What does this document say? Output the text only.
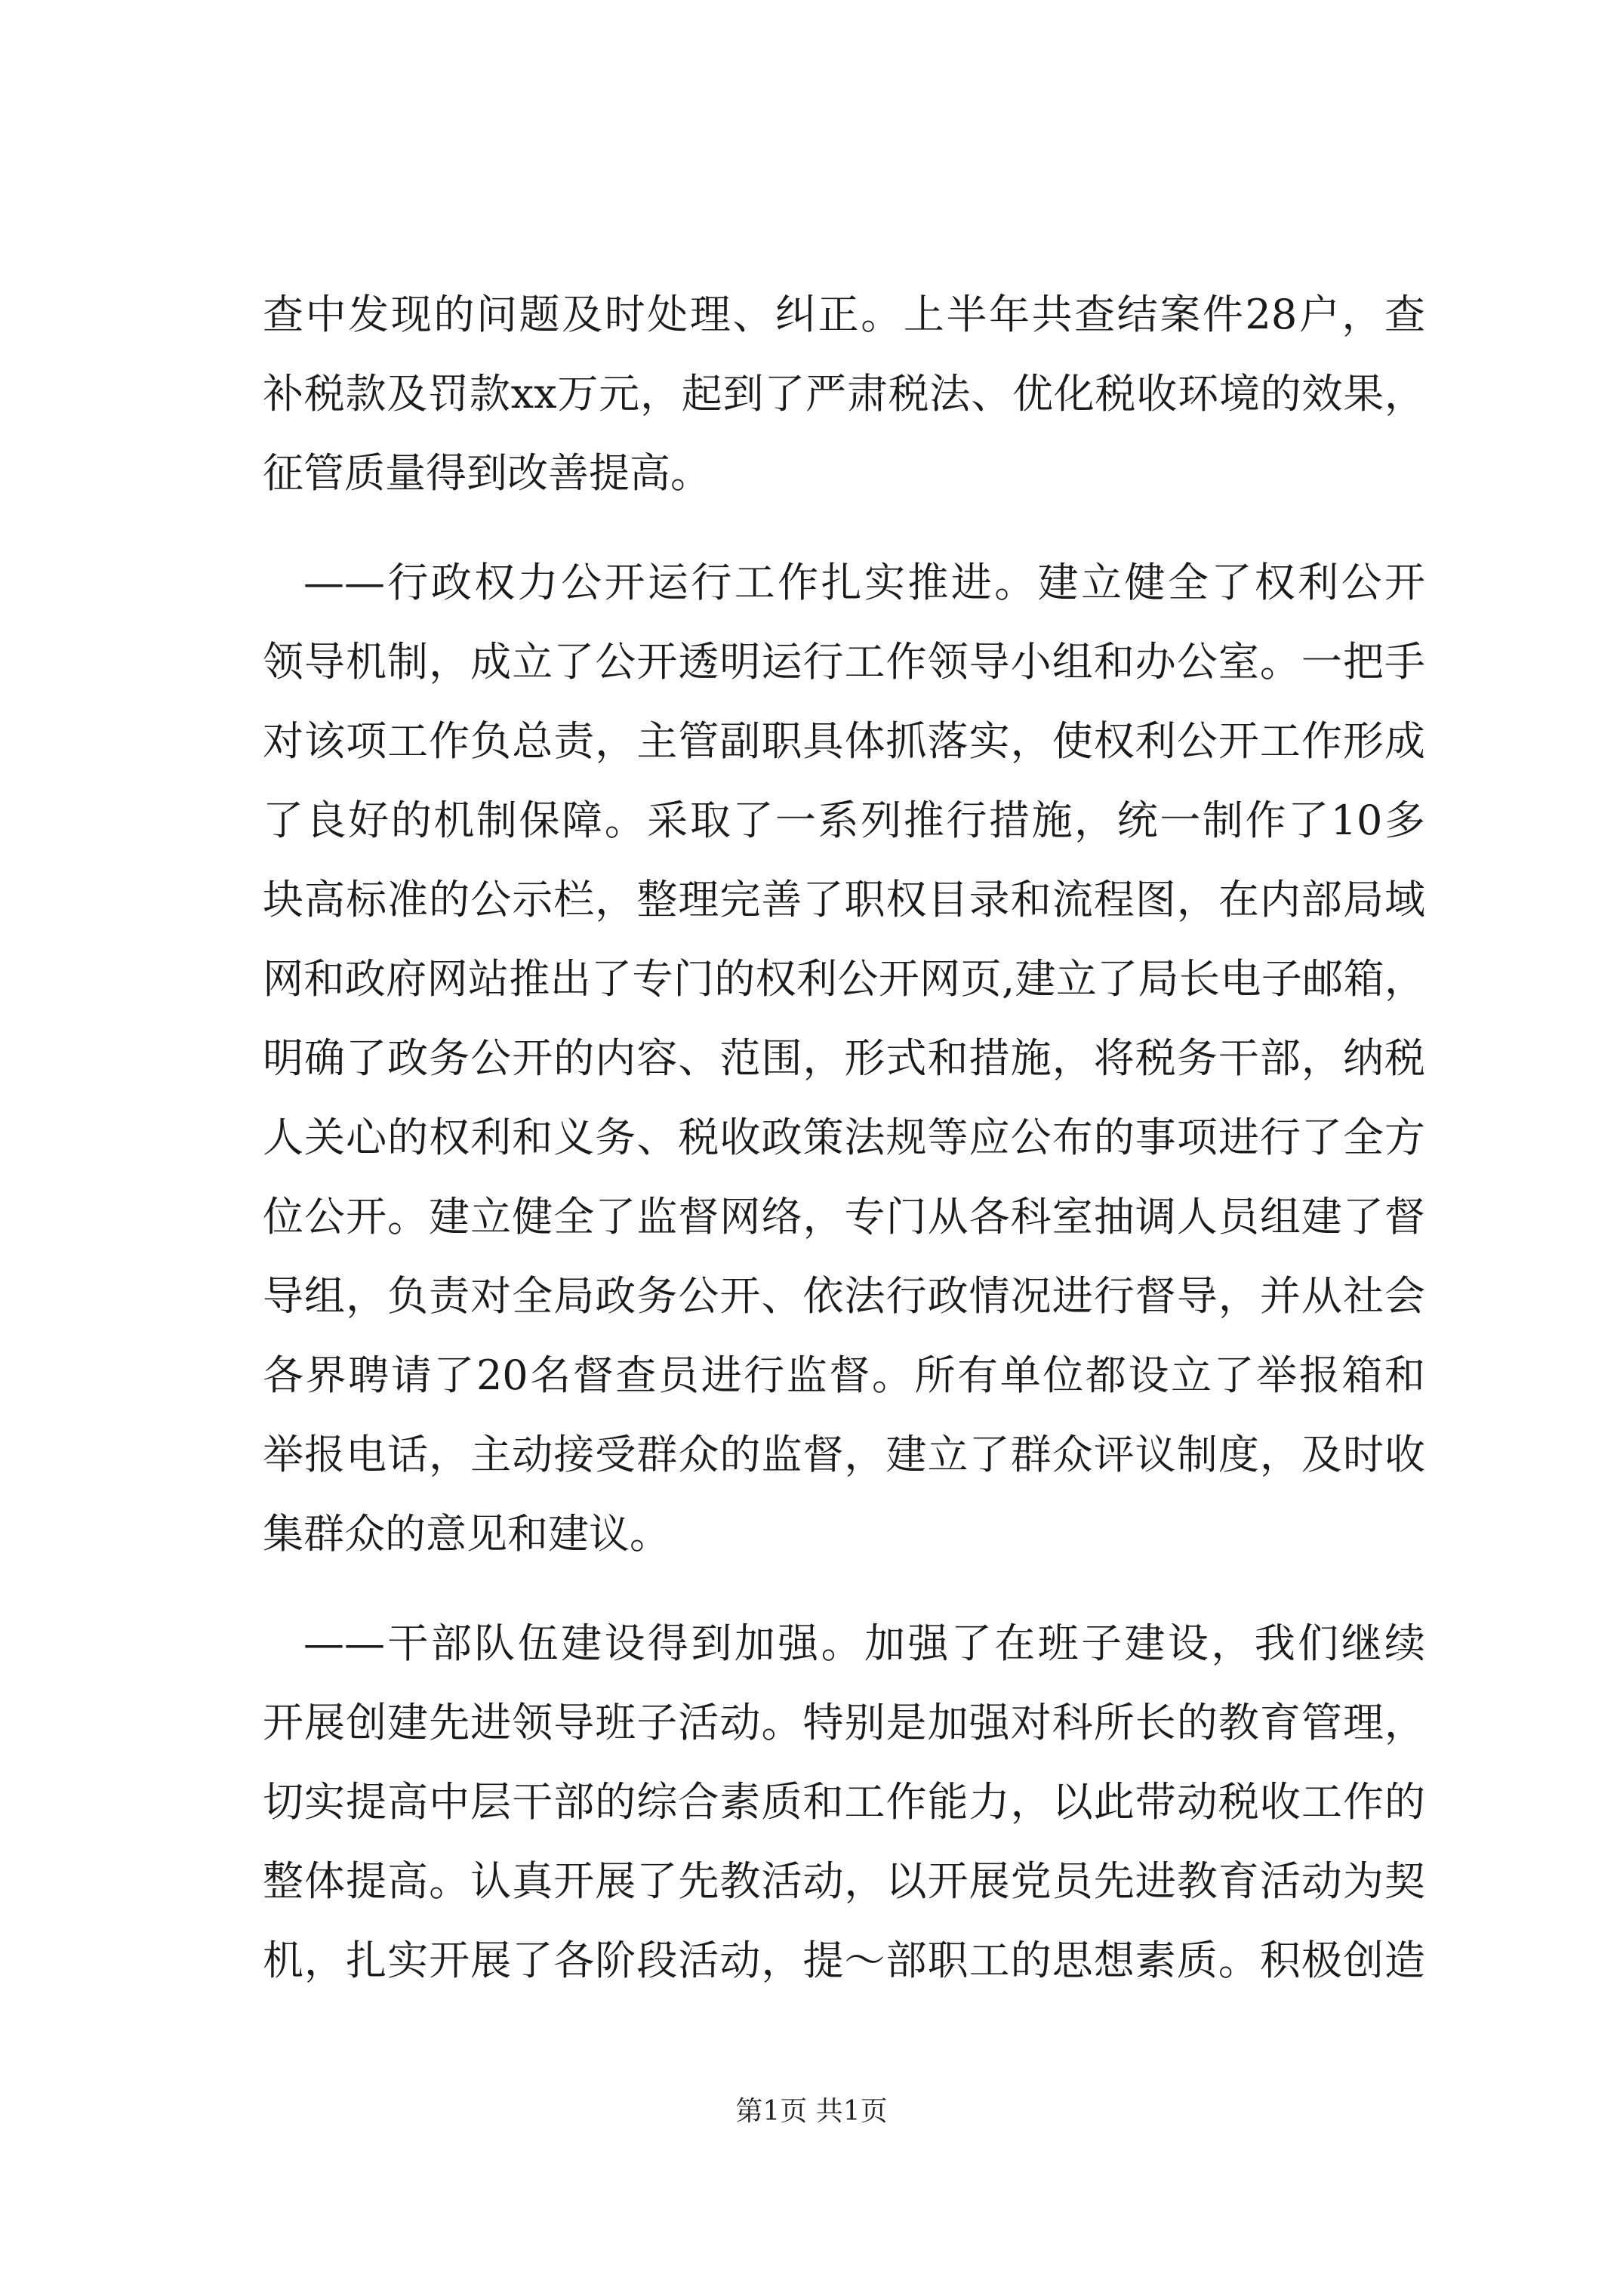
查中发现的问题及时处理、纠正。上半年共查结案件28户，查
补税款及罚款xx万元，起到了严肃税法、优化税收环境的效果，
征管质量得到改善提高。
——行政权力公开运行工作扎实推进。建立健全了权利公开
领导机制，成立了公开透明运行工作领导小组和办公室。一把手
对该项工作负总责，主管副职具体抓落实，使权利公开工作形成
了良好的机制保障。采取了一系列推行措施，统一制作了10多
块高标准的公示栏，整理完善了职权目录和流程图，在内部局域
网和政府网站推出了专门的权利公开网页,建立了局长电子邮箱，
明确了政务公开的内容、范围，形式和措施，将税务干部，纳税
人关心的权利和义务、税收政策法规等应公布的事项进行了全方
位公开。建立健全了监督网络，专门从各科室抽调人员组建了督
导组，负责对全局政务公开、依法行政情况进行督导，并从社会
各界聘请了20名督查员进行监督。所有单位都设立了举报箱和
举报电话，主动接受群众的监督，建立了群众评议制度，及时收
集群众的意见和建议。
——干部队伍建设得到加强。加强了在班子建设，我们继续
开展创建先进领导班子活动。特别是加强对科所长的教育管理，
切实提高中层干部的综合素质和工作能力，以此带动税收工作的
整体提高。认真开展了先教活动，以开展党员先进教育活动为契
机，扎实开展了各阶段活动，提～部职工的思想素质。积极创造
第1页 共1页
